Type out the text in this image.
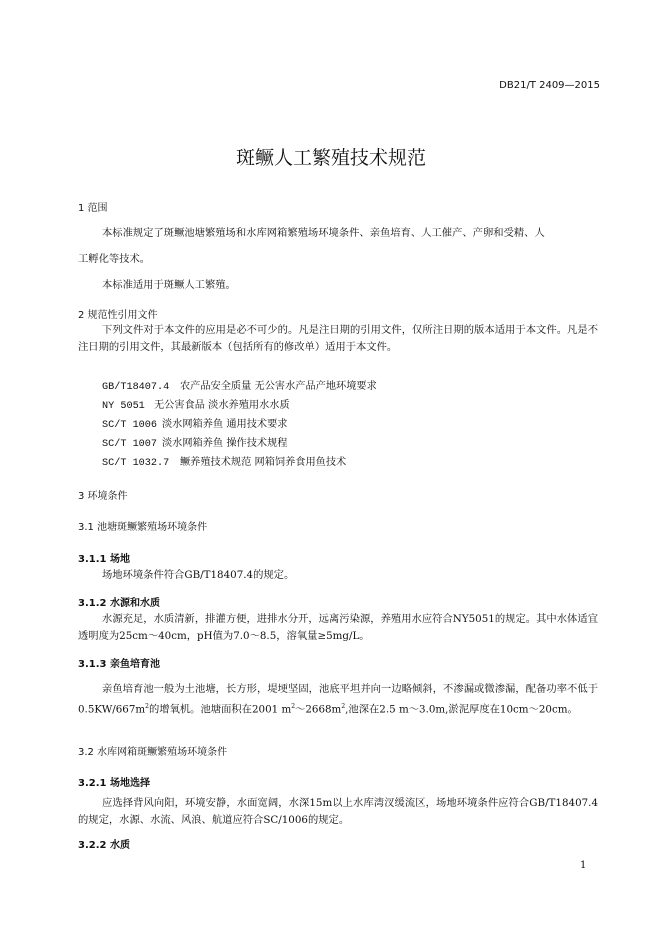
DB21/T 2409—2015
斑鳜人工繁殖技术规范
1 范围
本标准规定了斑鳜池塘繁殖场和水库网箱繁殖场环境条件、亲鱼培育、人工催产、产卵和受精、人
工孵化等技术。
本标准适用于斑鳜人工繁殖。
2 规范性引用文件
下列文件对于本文件的应用是必不可少的。凡是注日期的引用文件，仅所注日期的版本适用于本文件。凡是不注日期的引用文件，其最新版本（包括所有的修改单）适用于本文件。
GB/T18407.4 农产品安全质量 无公害水产品产地环境要求
NY 5051 无公害食品 淡水养殖用水水质
SC/T 1006 淡水网箱养鱼 通用技术要求
SC/T 1007 淡水网箱养鱼 操作技术规程
SC/T 1032.7 鳜养殖技术规范 网箱饲养食用鱼技术
3 环境条件
3.1 池塘斑鳜繁殖场环境条件
3.1.1 场地
场地环境条件符合GB/T18407.4的规定。
3.1.2 水源和水质
水源充足，水质清新，排灌方便，进排水分开，远离污染源，养殖用水应符合NY5051的规定。其中水体适宜透明度为25cm～40cm，pH值为7.0～8.5，溶氧量≥5mg/L。
3.1.3 亲鱼培育池
亲鱼培育池一般为土池塘，长方形，堤埂坚固，池底平坦并向一边略倾斜，不渗漏或微渗漏，配备功率不低于$0.5KW/667m^2$的增氧机。池塘面积在2001 $m^2\sim 2668m^2$,池深在2.5 m～3.0m,淤泥厚度在10cm～20cm。
3.2 水库网箱斑鳜繁殖场环境条件
3.2.1 场地选择
应选择背风向阳，环境安静，水面宽阔，水深15m以上水库湾汊缓流区，场地环境条件应符合GB/T18407.4的规定，水源、水流、风浪、航道应符合SC/1006的规定。
3.2.2 水质
1
